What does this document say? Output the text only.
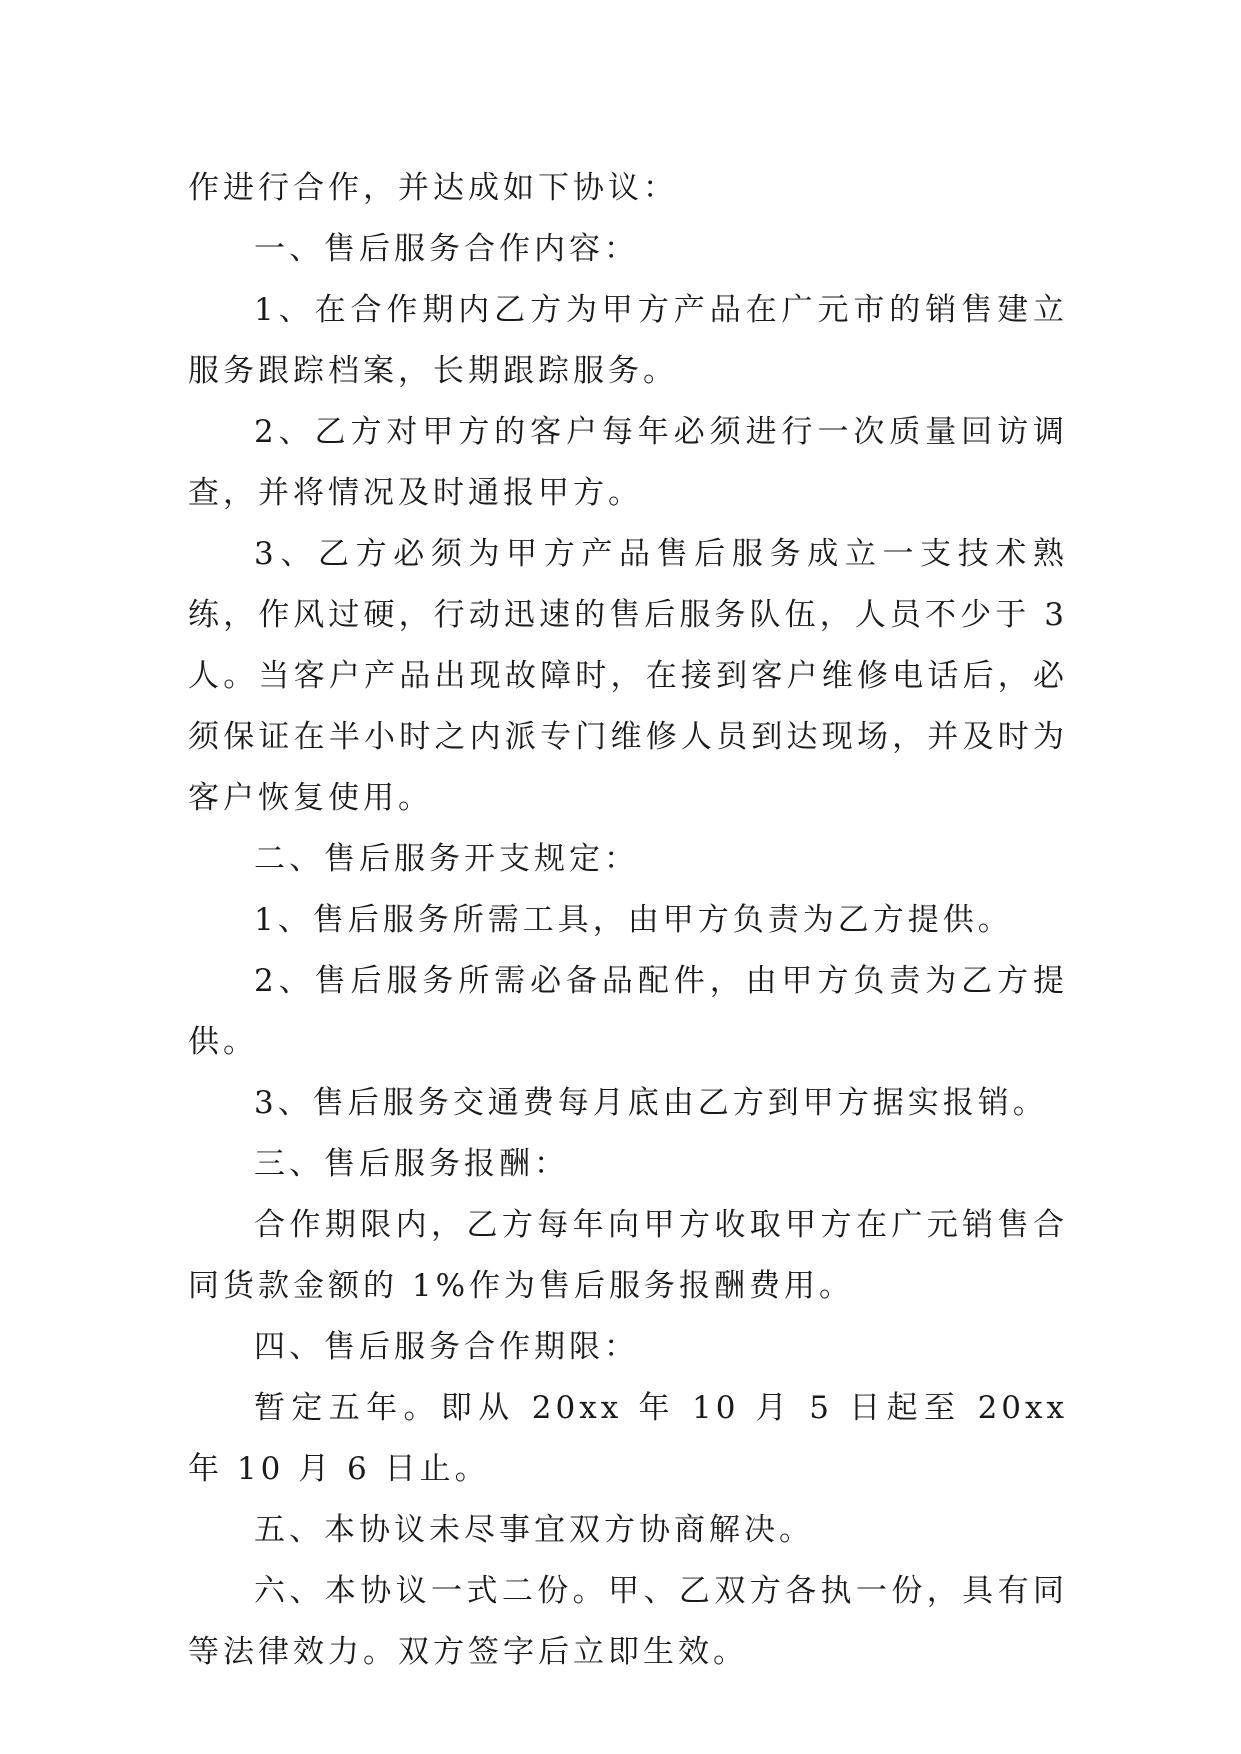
作进行合作，并达成如下协议：

一、售后服务合作内容：

1、在合作期内乙方为甲方产品在广元市的销售建立服务跟踪档案，长期跟踪服务。

2、乙方对甲方的客户每年必须进行一次质量回访调查，并将情况及时通报甲方。

3、乙方必须为甲方产品售后服务成立一支技术熟练，作风过硬，行动迅速的售后服务队伍，人员不少于 3 人。当客户产品出现故障时，在接到客户维修电话后，必须保证在半小时之内派专门维修人员到达现场，并及时为客户恢复使用。

二、售后服务开支规定：

1、售后服务所需工具，由甲方负责为乙方提供。

2、售后服务所需必备品配件，由甲方负责为乙方提供。

3、售后服务交通费每月底由乙方到甲方据实报销。

三、售后服务报酬：

合作期限内，乙方每年向甲方收取甲方在广元销售合同货款金额的 1%作为售后服务报酬费用。

四、售后服务合作期限：

暂定五年。即从 20xx 年 10 月 5 日起至 20xx 年 10 月 6 日止。

五、本协议未尽事宜双方协商解决。

六、本协议一式二份。甲、乙双方各执一份，具有同等法律效力。双方签字后立即生效。
